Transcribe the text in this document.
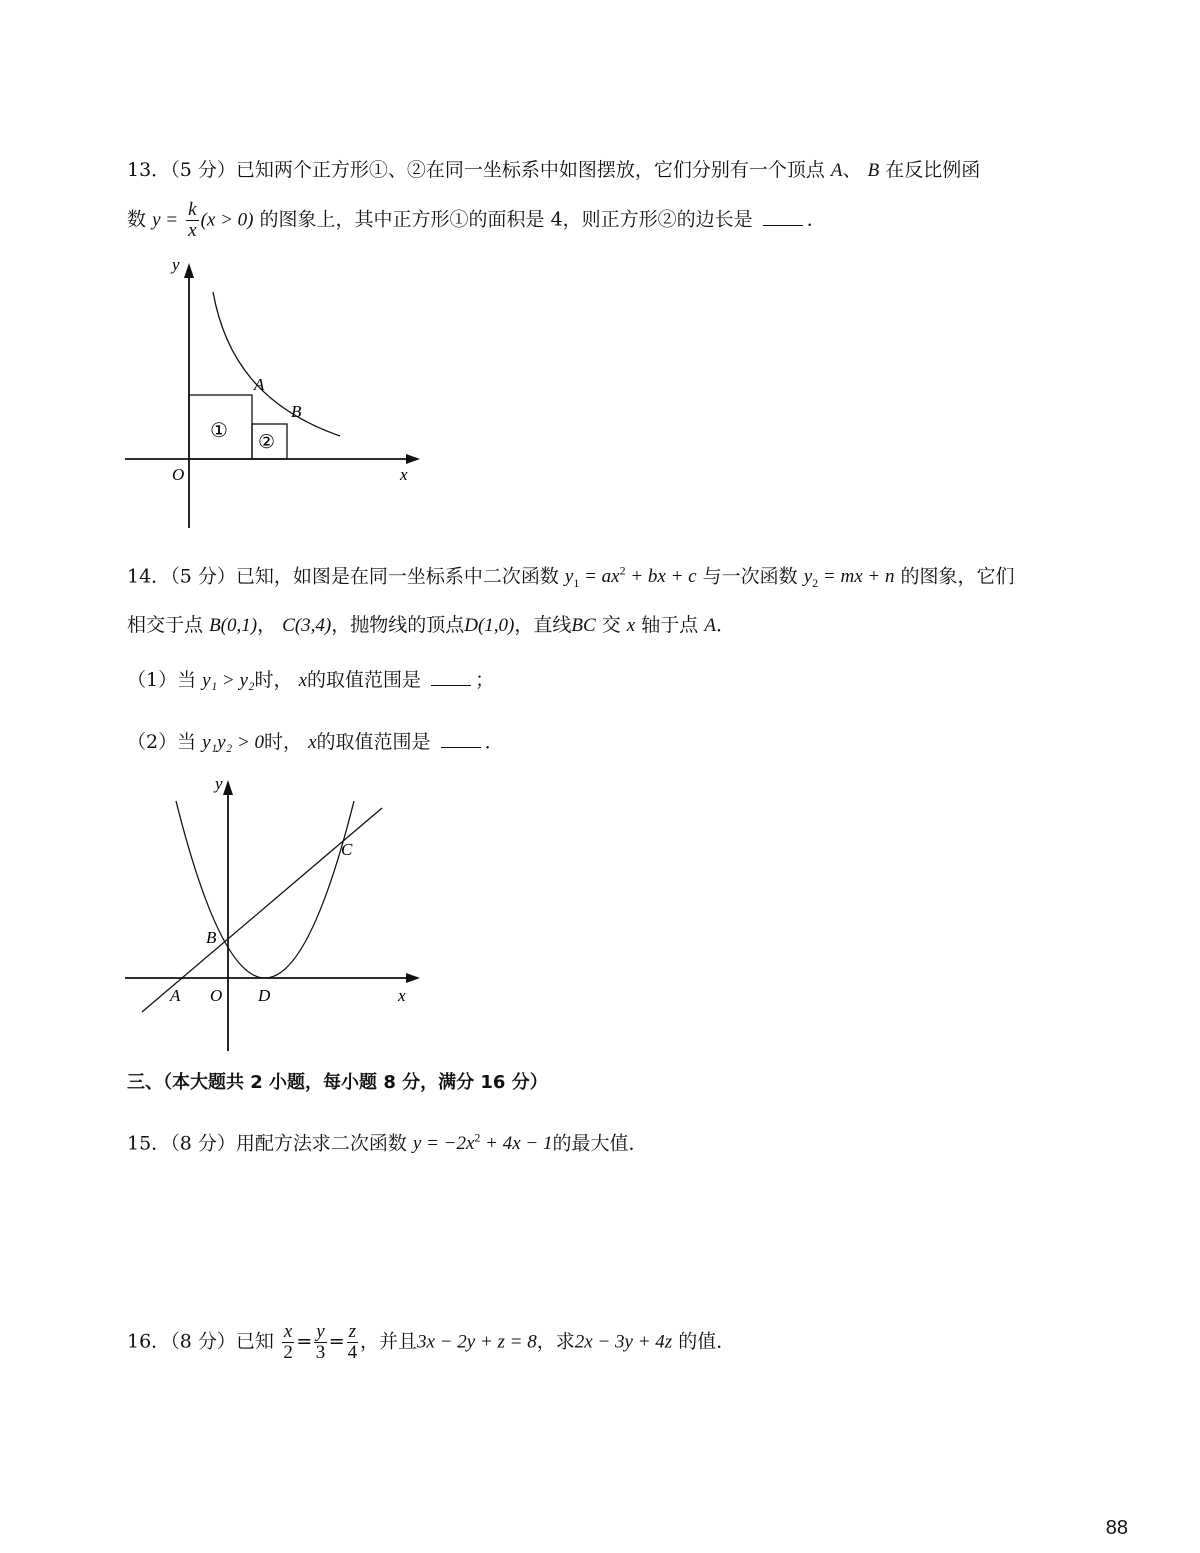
13．（5 分）已知两个正方形①、②在同一坐标系中如图摆放，它们分别有一个顶点 A、 B 在反比例函
数 $y = \frac{k}{x} (x > 0)$ 的图象上，其中正方形①的面积是 4，则正方形②的边长是	．
y
x
O
A
B
①
②
14．（5 分）已知，如图是在同一坐标系中二次函数 $y_1 = ax^2$ + bx + c 与一次函数 $y_2$ = mx + n 的图象，它们
相交于点 B(0,1)， C(3,4)，抛物线的顶点D(1,0)，直线BC 交 x 轴于点 A．
（1）当 y₁ > y₂时， x的取值范围是	；
（2）当 y₁y₂ > 0时， x的取值范围是	．
y
x
O
A
B
C
D
三、（本大题共 2 小题，每小题 8 分，满分 16 分）
15．（8 分）用配方法求二次函数 $y = -2x^2 + 4x - 1$的最大值．
16．（8 分）已知 $\frac{x}{2} = \frac{y}{3} = \frac{z}{4}$ ，并且3x − 2y + z = 8，求2x − 3y + 4z 的值．
88
